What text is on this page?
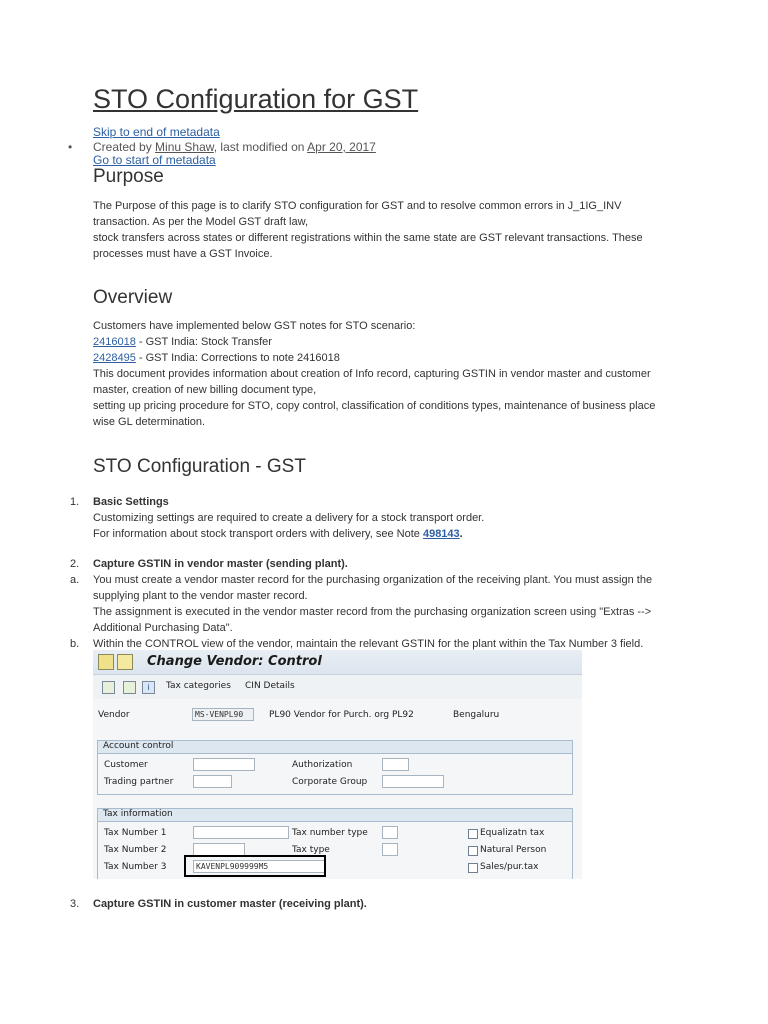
STO Configuration for GST
Skip to end of metadata
• Created by Minu Shaw, last modified on Apr 20, 2017
Go to start of metadata
Purpose
The Purpose of this page is to clarify STO configuration for GST and to resolve common errors in J_1IG_INV
transaction. As per the Model GST draft law,
stock transfers across states or different registrations within the same state are GST relevant transactions. These
processes must have a GST Invoice.
Overview
Customers have implemented below GST notes for STO scenario:
2416018 - GST India: Stock Transfer
2428495 - GST India: Corrections to note 2416018
This document provides information about creation of Info record, capturing GSTIN in vendor master and customer
master, creation of new billing document type,
setting up pricing procedure for STO, copy control, classification of conditions types, maintenance of business place
wise GL determination.
STO Configuration - GST
1. Basic Settings
Customizing settings are required to create a delivery for a stock transport order.
For information about stock transport orders with delivery, see Note 498143.
2. Capture GSTIN in vendor master (sending plant).
a. You must create a vendor master record for the purchasing organization of the receiving plant. You must assign the
supplying plant to the vendor master record.
The assignment is executed in the vendor master record from the purchasing organization screen using "Extras -->
Additional Purchasing Data".
b. Within the CONTROL view of the vendor, maintain the relevant GSTIN for the plant within the Tax Number 3 field.
Change Vendor: Control
i	Tax categories CIN Details
Vendor	MS-VENPL90	PL90 Vendor for Purch. org PL92	Bengaluru
Account control
Customer	Authorization
Trading partner	Corporate Group
Tax information
Tax Number 1	Tax number type	Equalizatn tax
Tax Number 2	Tax type	Natural Person
Tax Number 3	KAVENPL909999M5	Sales/pur.tax
3. Capture GSTIN in customer master (receiving plant).
